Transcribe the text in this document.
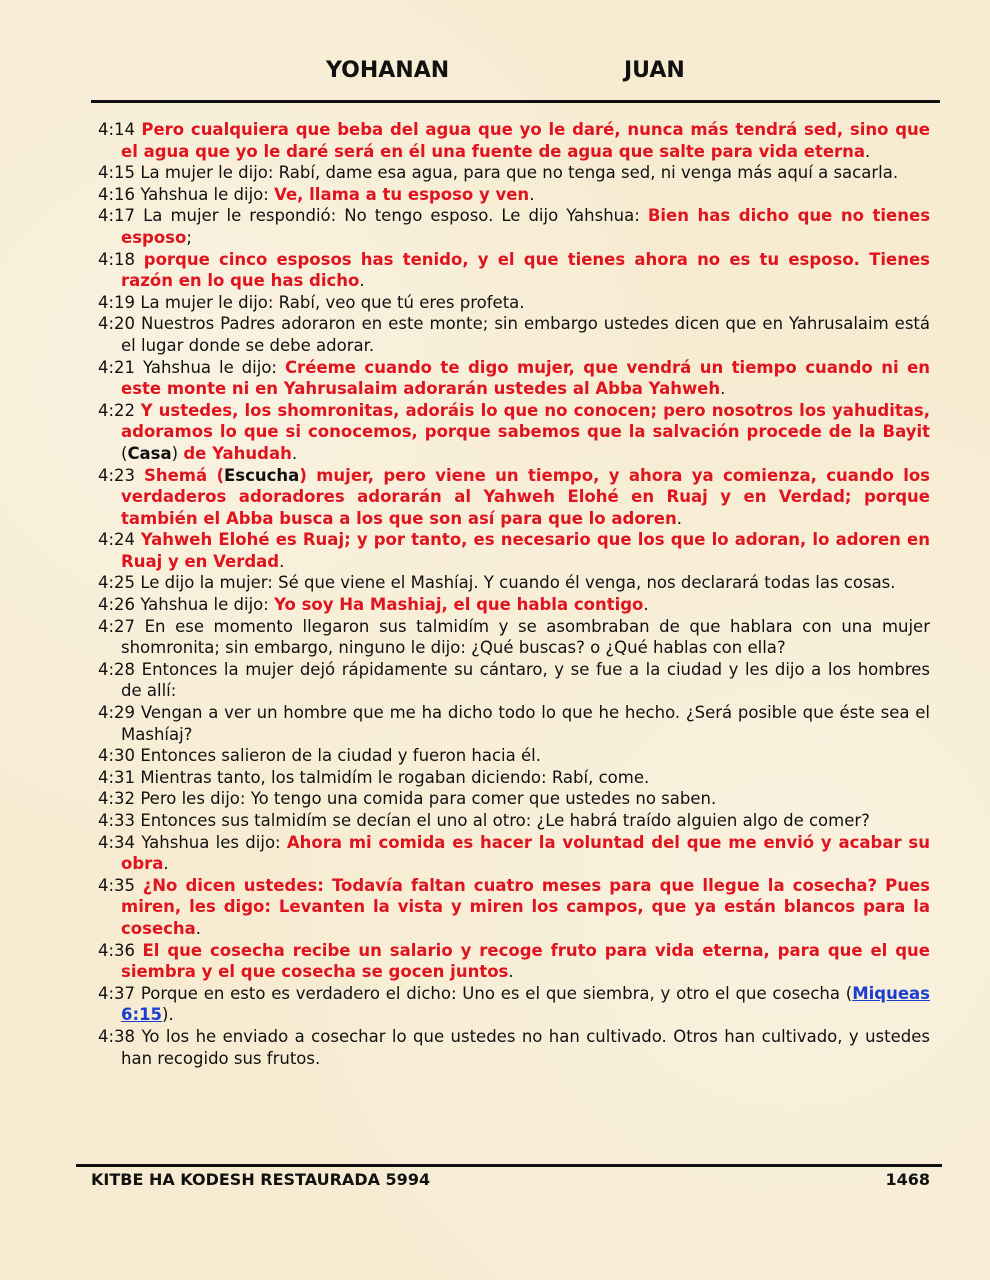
YOHANAN	JUAN

4:14 Pero cualquiera que beba del agua que yo le daré, nunca más tendrá sed, sino que el agua que yo le daré será en él una fuente de agua que salte para vida eterna.

4:15 La mujer le dijo: Rabí, dame esa agua, para que no tenga sed, ni venga más aquí a sacarla.

4:16 Yahshua le dijo: Ve, llama a tu esposo y ven.

4:17 La mujer le respondió: No tengo esposo. Le dijo Yahshua: Bien has dicho que no tienes esposo;

4:18 porque cinco esposos has tenido, y el que tienes ahora no es tu esposo. Tienes razón en lo que has dicho.

4:19 La mujer le dijo: Rabí, veo que tú eres profeta.

4:20 Nuestros Padres adoraron en este monte; sin embargo ustedes dicen que en Yahrusalaim está el lugar donde se debe adorar.

4:21 Yahshua le dijo: Créeme cuando te digo mujer, que vendrá un tiempo cuando ni en este monte ni en Yahrusalaim adorarán ustedes al Abba Yahweh.

4:22 Y ustedes, los shomronitas, adoráis lo que no conocen; pero nosotros los yahuditas, adoramos lo que si conocemos, porque sabemos que la salvación procede de la Bayit (Casa) de Yahudah.

4:23 Shemá (Escucha) mujer, pero viene un tiempo, y ahora ya comienza, cuando los verdaderos adoradores adorarán al Yahweh Elohé en Ruaj y en Verdad; porque también el Abba busca a los que son así para que lo adoren.

4:24 Yahweh Elohé es Ruaj; y por tanto, es necesario que los que lo adoran, lo adoren en Ruaj y en Verdad.

4:25 Le dijo la mujer: Sé que viene el Mashíaj. Y cuando él venga, nos declarará todas las cosas.

4:26 Yahshua le dijo: Yo soy Ha Mashiaj, el que habla contigo.

4:27 En ese momento llegaron sus talmidím y se asombraban de que hablara con una mujer shomronita; sin embargo, ninguno le dijo: ¿Qué buscas? o ¿Qué hablas con ella?

4:28 Entonces la mujer dejó rápidamente su cántaro, y se fue a la ciudad y les dijo a los hombres de allí:

4:29 Vengan a ver un hombre que me ha dicho todo lo que he hecho. ¿Será posible que éste sea el Mashíaj?

4:30 Entonces salieron de la ciudad y fueron hacia él.

4:31 Mientras tanto, los talmidím le rogaban diciendo: Rabí, come.

4:32 Pero les dijo: Yo tengo una comida para comer que ustedes no saben.

4:33 Entonces sus talmidím se decían el uno al otro: ¿Le habrá traído alguien algo de comer?

4:34 Yahshua les dijo: Ahora mi comida es hacer la voluntad del que me envió y acabar su obra.

4:35 ¿No dicen ustedes: Todavía faltan cuatro meses para que llegue la cosecha? Pues miren, les digo: Levanten la vista y miren los campos, que ya están blancos para la cosecha.

4:36 El que cosecha recibe un salario y recoge fruto para vida eterna, para que el que siembra y el que cosecha se gocen juntos.

4:37 Porque en esto es verdadero el dicho: Uno es el que siembra, y otro el que cosecha (Miqueas 6:15).

4:38 Yo los he enviado a cosechar lo que ustedes no han cultivado. Otros han cultivado, y ustedes han recogido sus frutos.

KITBE HA KODESH RESTAURADA 5994	1468
